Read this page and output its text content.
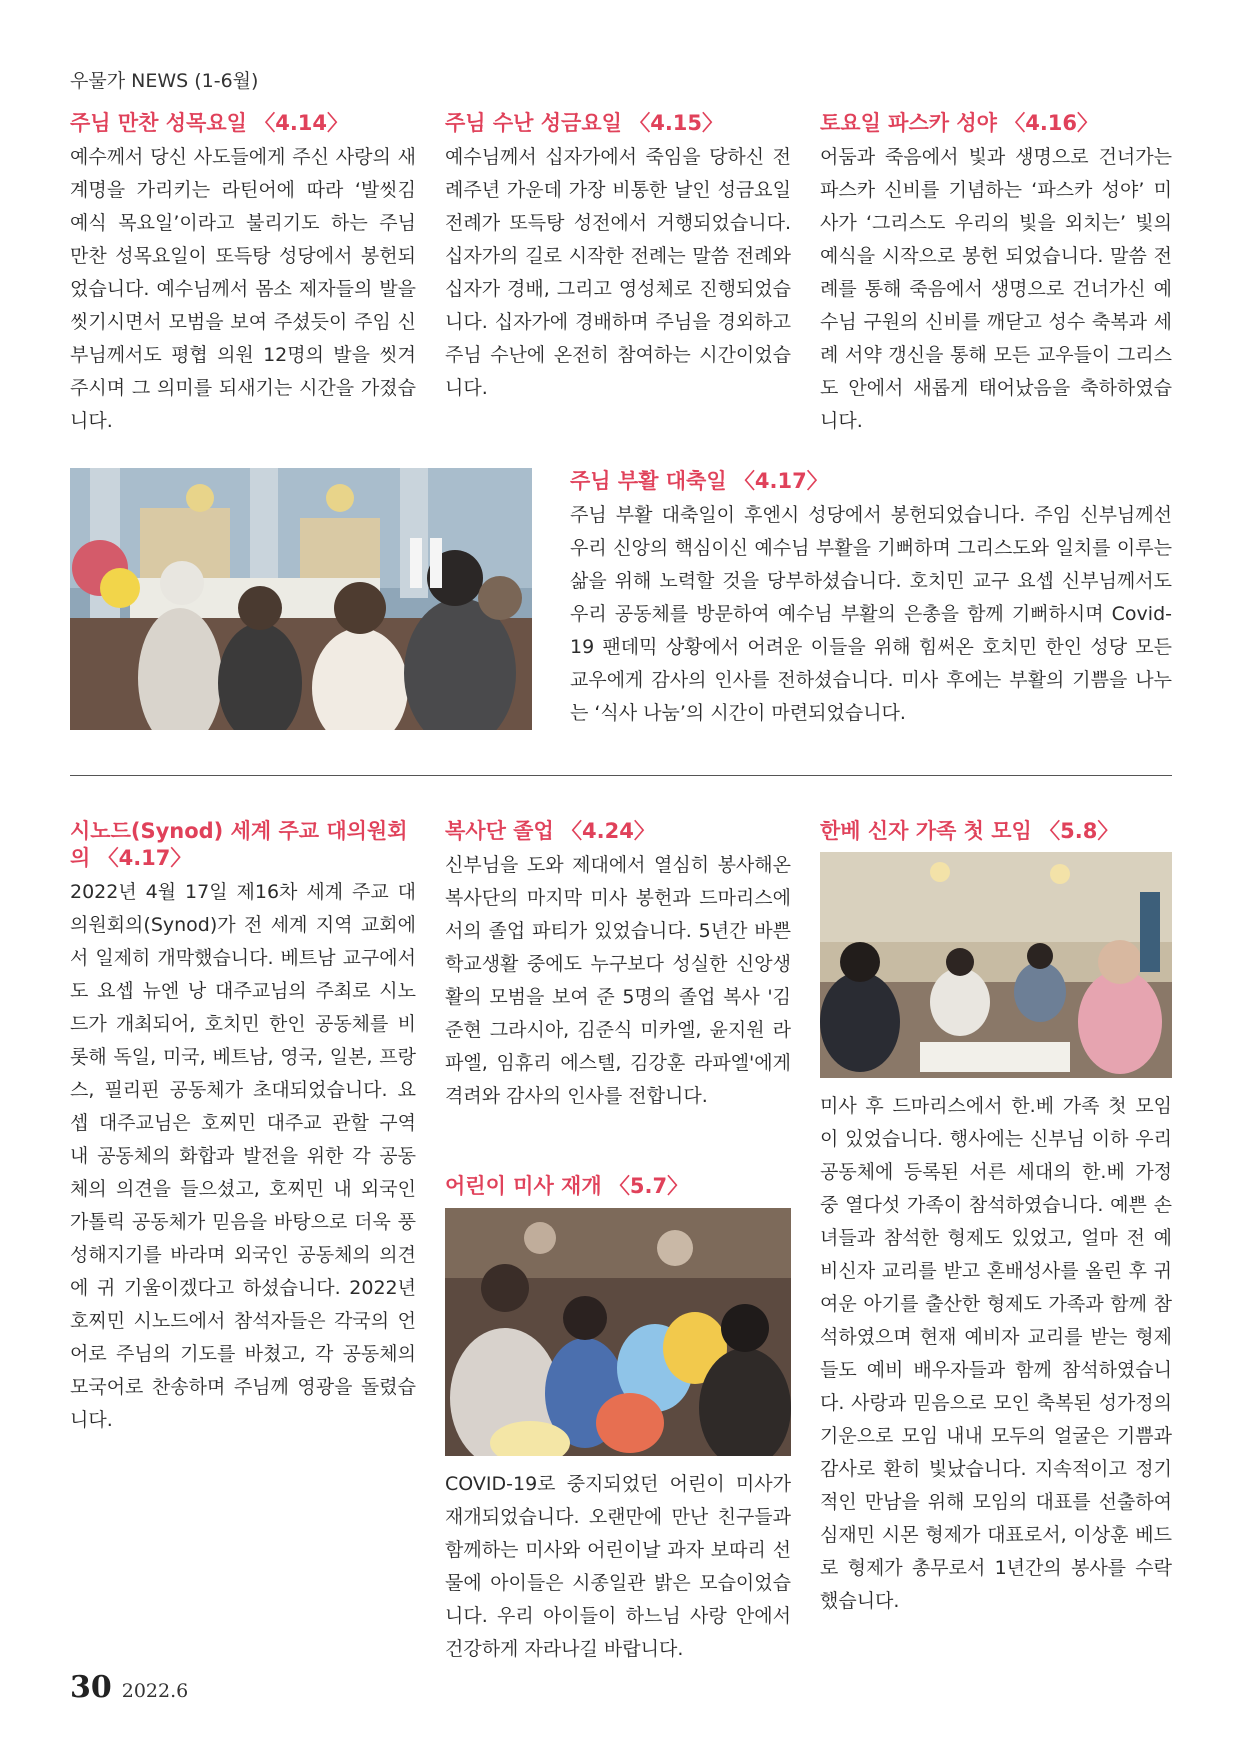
우물가 NEWS (1-6월)
주님 만찬 성목요일 〈4.14〉

예수께서 당신 사도들에게 주신 사랑의 새 계명을 가리키는 라틴어에 따라 ‘발씻김 예식 목요일’이라고 불리기도 하는 주님 만찬 성목요일이 또득탕 성당에서 봉헌되었습니다. 예수님께서 몸소 제자들의 발을 씻기시면서 모범을 보여 주셨듯이 주임 신부님께서도 평협 의원 12명의 발을 씻겨주시며 그 의미를 되새기는 시간을 가졌습니다.

주님 수난 성금요일 〈4.15〉

예수님께서 십자가에서 죽임을 당하신 전례주년 가운데 가장 비통한 날인 성금요일 전례가 또득탕 성전에서 거행되었습니다. 십자가의 길로 시작한 전례는 말씀 전례와 십자가 경배, 그리고 영성체로 진행되었습니다. 십자가에 경배하며 주님을 경외하고 주님 수난에 온전히 참여하는 시간이었습니다.

토요일 파스카 성야 〈4.16〉

어둠과 죽음에서 빛과 생명으로 건너가는 파스카 신비를 기념하는 ‘파스카 성야’ 미사가 ‘그리스도 우리의 빛을 외치는’ 빛의 예식을 시작으로 봉헌 되었습니다. 말씀 전례를 통해 죽음에서 생명으로 건너가신 예수님 구원의 신비를 깨닫고 성수 축복과 세례 서약 갱신을 통해 모든 교우들이 그리스도 안에서 새롭게 태어났음을 축하하였습니다.

주님 부활 대축일 〈4.17〉

주님 부활 대축일이 후엔시 성당에서 봉헌되었습니다. 주임 신부님께선 우리 신앙의 핵심이신 예수님 부활을 기뻐하며 그리스도와 일치를 이루는 삶을 위해 노력할 것을 당부하셨습니다. 호치민 교구 요셉 신부님께서도 우리 공동체를 방문하여 예수님 부활의 은총을 함께 기뻐하시며 Covid-19 팬데믹 상황에서 어려운 이들을 위해 힘써온 호치민 한인 성당 모든 교우에게 감사의 인사를 전하셨습니다. 미사 후에는 부활의 기쁨을 나누는 ‘식사 나눔’의 시간이 마련되었습니다.

시노드(Synod) 세계 주교 대의원회의 〈4.17〉

2022년 4월 17일 제16차 세계 주교 대의원회의(Synod)가 전 세계 지역 교회에서 일제히 개막했습니다. 베트남 교구에서도 요셉 뉴엔 낭 대주교님의 주최로 시노드가 개최되어, 호치민 한인 공동체를 비롯해 독일, 미국, 베트남, 영국, 일본, 프랑스, 필리핀 공동체가 초대되었습니다. 요셉 대주교님은 호찌민 대주교 관할 구역 내 공동체의 화합과 발전을 위한 각 공동체의 의견을 들으셨고, 호찌민 내 외국인 가톨릭 공동체가 믿음을 바탕으로 더욱 풍성해지기를 바라며 외국인 공동체의 의견에 귀 기울이겠다고 하셨습니다. 2022년 호찌민 시노드에서 참석자들은 각국의 언어로 주님의 기도를 바쳤고, 각 공동체의 모국어로 찬송하며 주님께 영광을 돌렸습니다.

복사단 졸업 〈4.24〉

신부님을 도와 제대에서 열심히 봉사해온 복사단의 마지막 미사 봉헌과 드마리스에서의 졸업 파티가 있었습니다. 5년간 바쁜 학교생활 중에도 누구보다 성실한 신앙생활의 모범을 보여 준 5명의 졸업 복사 '김준현 그라시아, 김준식 미카엘, 윤지원 라파엘, 임휴리 에스텔, 김강훈 라파엘'에게 격려와 감사의 인사를 전합니다.

어린이 미사 재개 〈5.7〉

COVID-19로 중지되었던 어린이 미사가 재개되었습니다. 오랜만에 만난 친구들과 함께하는 미사와 어린이날 과자 보따리 선물에 아이들은 시종일관 밝은 모습이었습니다. 우리 아이들이 하느님 사랑 안에서 건강하게 자라나길 바랍니다.

한베 신자 가족 첫 모임 〈5.8〉

미사 후 드마리스에서 한.베 가족 첫 모임이 있었습니다. 행사에는 신부님 이하 우리 공동체에 등록된 서른 세대의 한.베 가정 중 열다섯 가족이 참석하였습니다. 예쁜 손녀들과 참석한 형제도 있었고, 얼마 전 예비신자 교리를 받고 혼배성사를 올린 후 귀여운 아기를 출산한 형제도 가족과 함께 참석하였으며 현재 예비자 교리를 받는 형제들도 예비 배우자들과 함께 참석하였습니다. 사랑과 믿음으로 모인 축복된 성가정의 기운으로 모임 내내 모두의 얼굴은 기쁨과 감사로 환히 빛났습니다. 지속적이고 정기적인 만남을 위해 모임의 대표를 선출하여 심재민 시몬 형제가 대표로서, 이상훈 베드로 형제가 총무로서 1년간의 봉사를 수락했습니다.

30 2022.6
